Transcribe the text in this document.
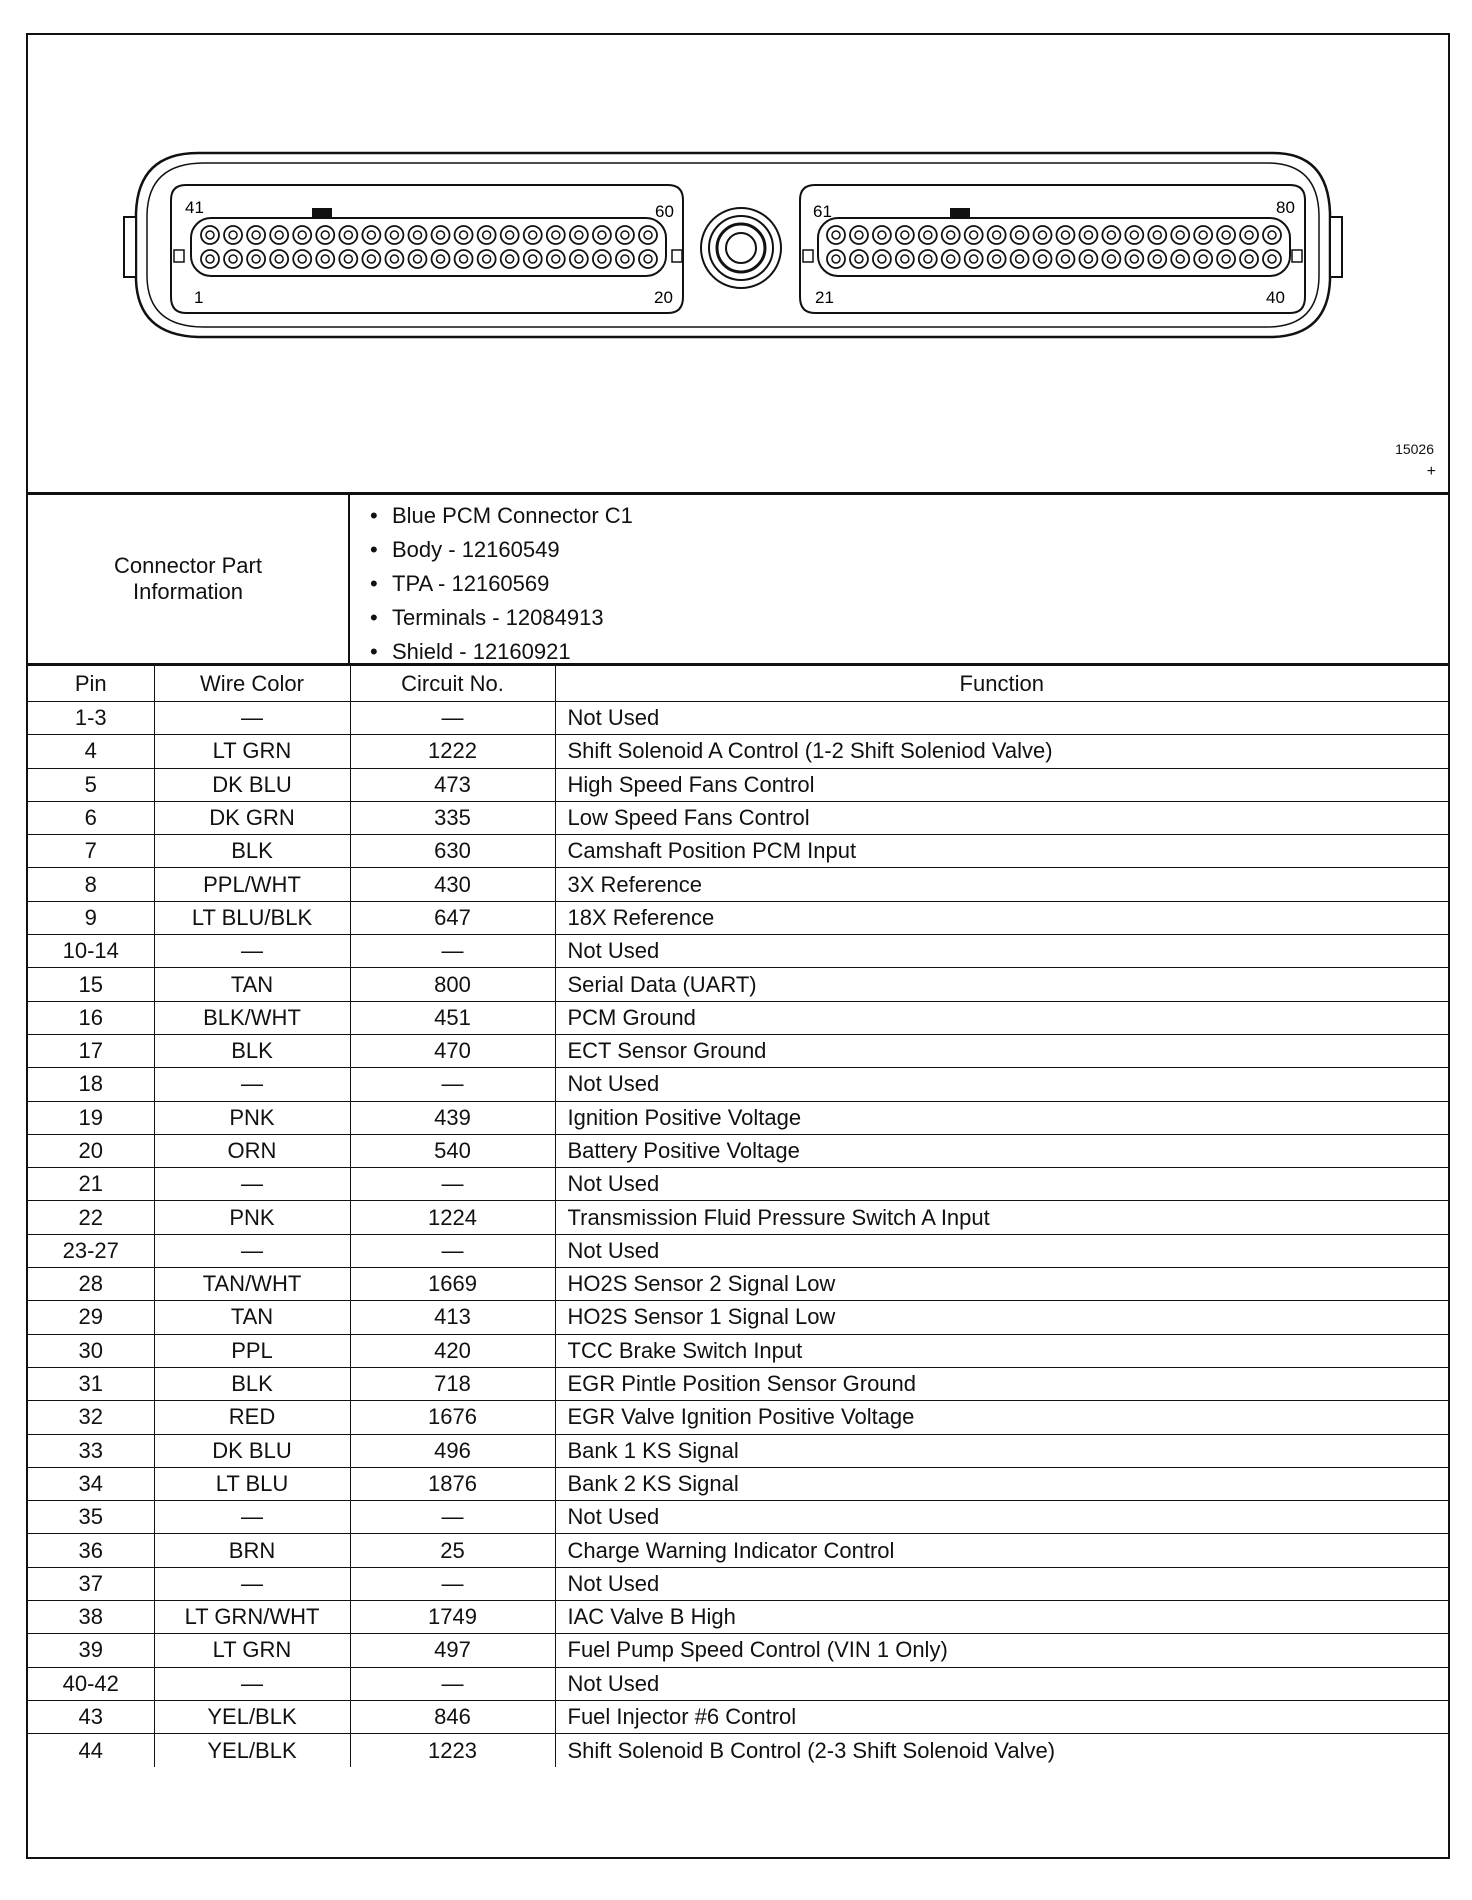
41	60
1	20
61	80
21	40
15026
+
Connector Part Information
• Blue PCM Connector C1
• Body - 12160549
• TPA - 12160569
• Terminals - 12084913
• Shield - 12160921
Pin	Wire Color	Circuit No.	Function
1-3	—	—	Not Used
4	LT GRN	1222	Shift Solenoid A Control (1-2 Shift Soleniod Valve)
5	DK BLU	473	High Speed Fans Control
6	DK GRN	335	Low Speed Fans Control
7	BLK	630	Camshaft Position PCM Input
8	PPL/WHT	430	3X Reference
9	LT BLU/BLK	647	18X Reference
10-14	—	—	Not Used
15	TAN	800	Serial Data (UART)
16	BLK/WHT	451	PCM Ground
17	BLK	470	ECT Sensor Ground
18	—	—	Not Used
19	PNK	439	Ignition Positive Voltage
20	ORN	540	Battery Positive Voltage
21	—	—	Not Used
22	PNK	1224	Transmission Fluid Pressure Switch A Input
23-27	—	—	Not Used
28	TAN/WHT	1669	HO2S Sensor 2 Signal Low
29	TAN	413	HO2S Sensor 1 Signal Low
30	PPL	420	TCC Brake Switch Input
31	BLK	718	EGR Pintle Position Sensor Ground
32	RED	1676	EGR Valve Ignition Positive Voltage
33	DK BLU	496	Bank 1 KS Signal
34	LT BLU	1876	Bank 2 KS Signal
35	—	—	Not Used
36	BRN	25	Charge Warning Indicator Control
37	—	—	Not Used
38	LT GRN/WHT	1749	IAC Valve B High
39	LT GRN	497	Fuel Pump Speed Control (VIN 1 Only)
40-42	—	—	Not Used
43	YEL/BLK	846	Fuel Injector #6 Control
44	YEL/BLK	1223	Shift Solenoid B Control (2-3 Shift Solenoid Valve)
